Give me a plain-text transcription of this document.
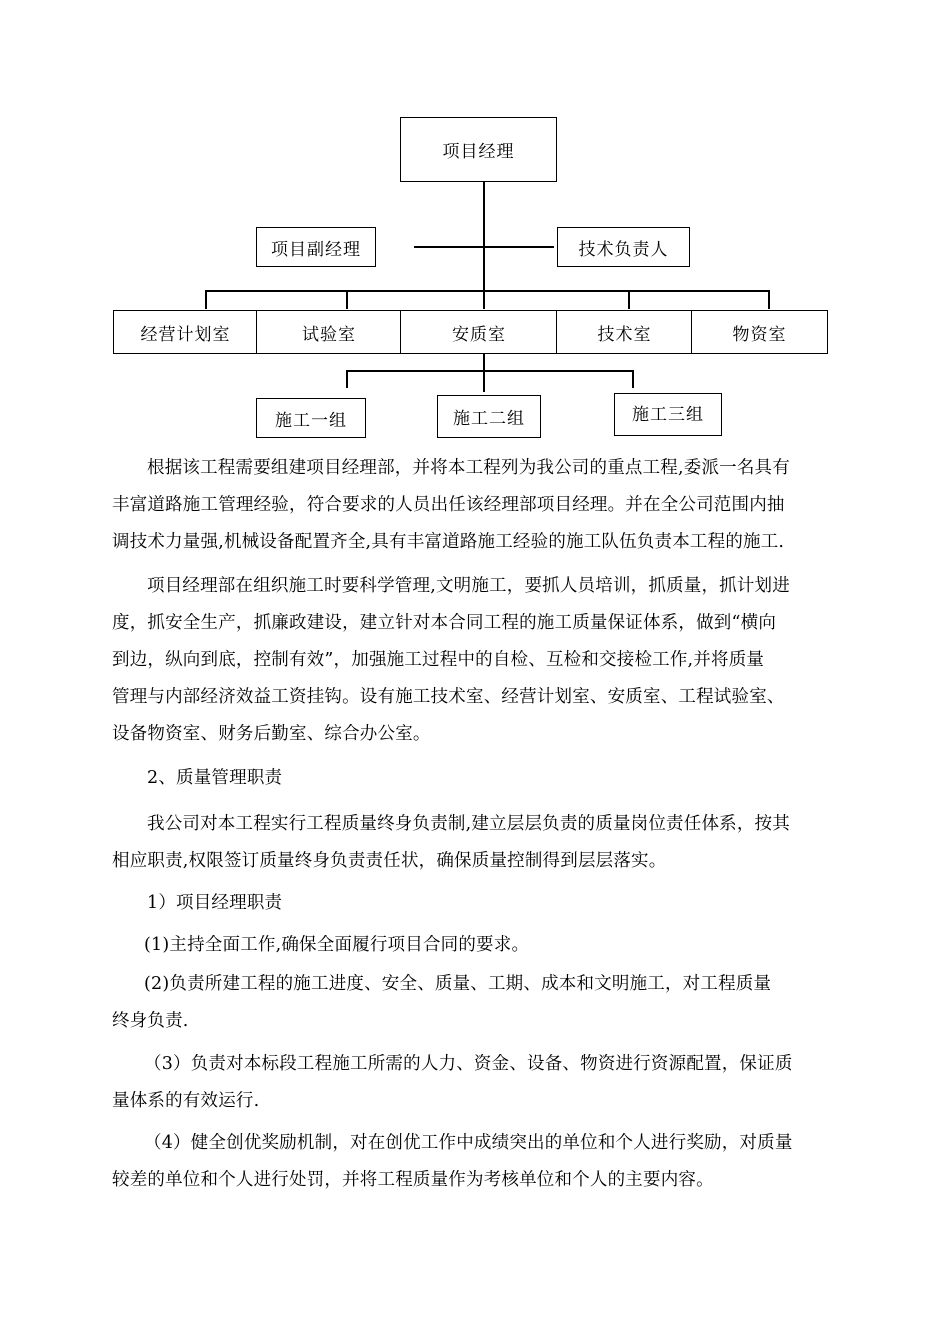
项目经理
项目副经理	技术负责人
经营计划室	试验室	安质室	技术室	物资室
施工一组	施工二组	施工三组
根据该工程需要组建项目经理部，并将本工程列为我公司的重点工程,委派一名具有
丰富道路施工管理经验，符合要求的人员出任该经理部项目经理。并在全公司范围内抽
调技术力量强,机械设备配置齐全,具有丰富道路施工经验的施工队伍负责本工程的施工.
项目经理部在组织施工时要科学管理,文明施工，要抓人员培训，抓质量，抓计划进
度，抓安全生产，抓廉政建设，建立针对本合同工程的施工质量保证体系，做到“横向
到边，纵向到底，控制有效”，加强施工过程中的自检、互检和交接检工作,并将质量
管理与内部经济效益工资挂钩。设有施工技术室、经营计划室、安质室、工程试验室、
设备物资室、财务后勤室、综合办公室。
2、质量管理职责
我公司对本工程实行工程质量终身负责制,建立层层负责的质量岗位责任体系，按其
相应职责,权限签订质量终身负责责任状，确保质量控制得到层层落实。
1）项目经理职责
(1)主持全面工作,确保全面履行项目合同的要求。
(2)负责所建工程的施工进度、安全、质量、工期、成本和文明施工，对工程质量
终身负责.
（3）负责对本标段工程施工所需的人力、资金、设备、物资进行资源配置，保证质
量体系的有效运行.
（4）健全创优奖励机制，对在创优工作中成绩突出的单位和个人进行奖励，对质量
较差的单位和个人进行处罚，并将工程质量作为考核单位和个人的主要内容。
